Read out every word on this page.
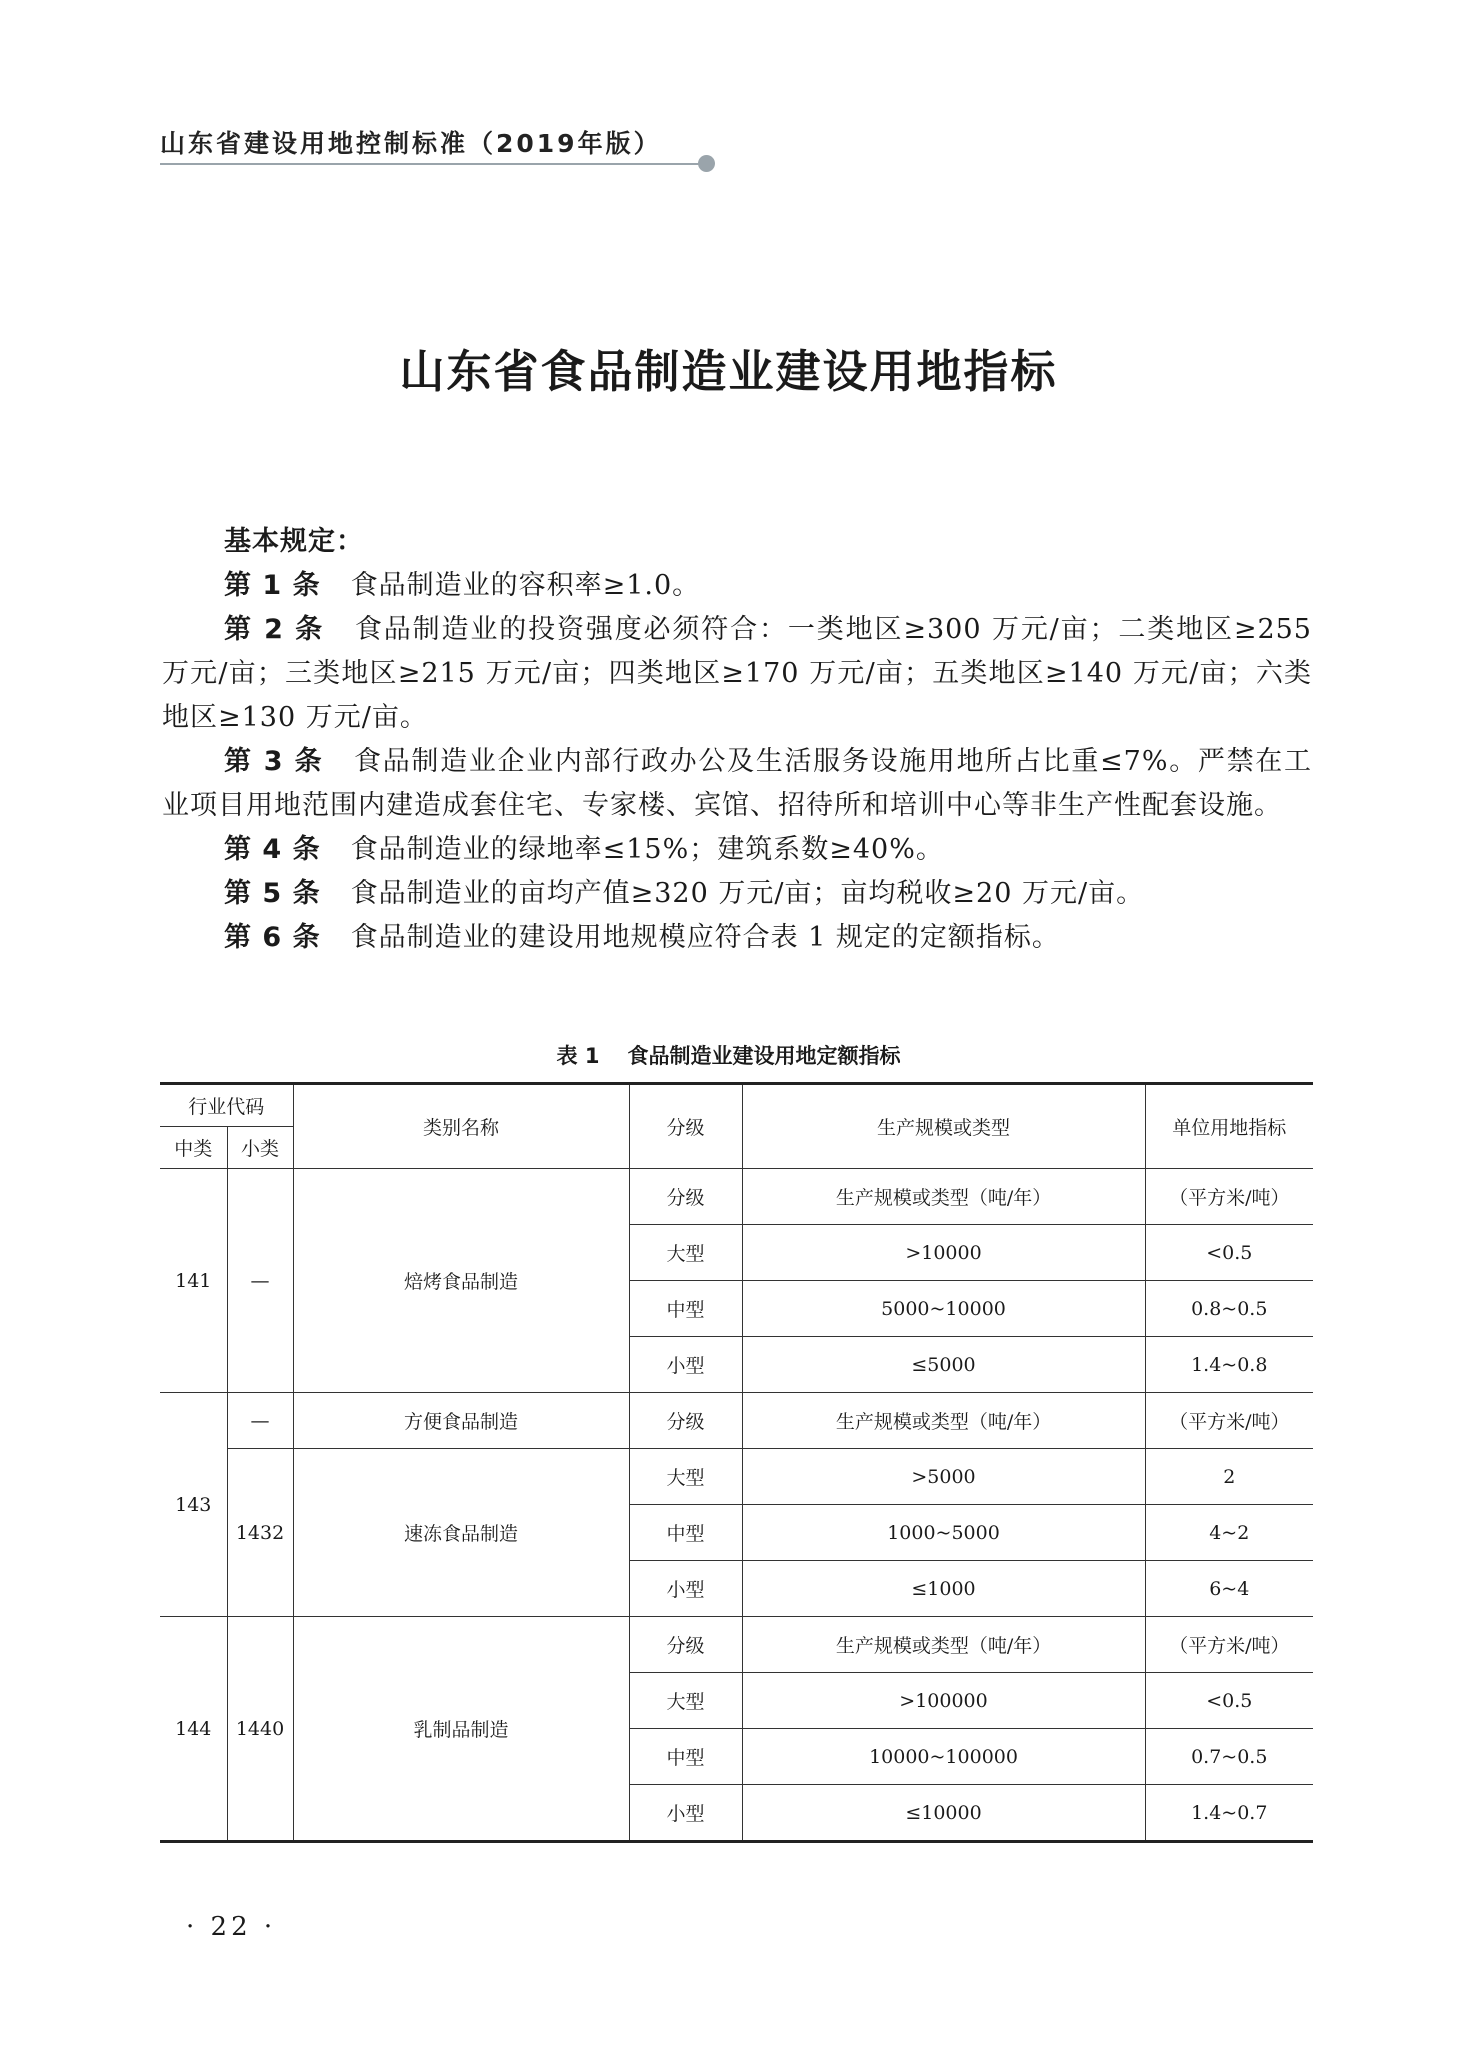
山东省建设用地控制标准（2019年版）
山东省食品制造业建设用地指标

基本规定：

第 1 条 食品制造业的容积率≥1.0。

第 2 条 食品制造业的投资强度必须符合：一类地区≥300 万元/亩；二类地区≥255 万元/亩；三类地区≥215 万元/亩；四类地区≥170 万元/亩；五类地区≥140 万元/亩；六类地区≥130 万元/亩。

第 3 条 食品制造业企业内部行政办公及生活服务设施用地所占比重≤7%。严禁在工业项目用地范围内建造成套住宅、专家楼、宾馆、招待所和培训中心等非生产性配套设施。

第 4 条 食品制造业的绿地率≤15%；建筑系数≥40%。

第 5 条 食品制造业的亩均产值≥320 万元/亩；亩均税收≥20 万元/亩。

第 6 条 食品制造业的建设用地规模应符合表 1 规定的定额指标。

表 1 食品制造业建设用地定额指标
行业代码		类别名称	分级	生产规模或类型	单位用地指标
中类	小类				
141	—	焙烤食品制造	分级	生产规模或类型（吨/年）	（平方米/吨）
			大型	>10000	<0.5
			中型	5000~10000	0.8~0.5
			小型	≤5000	1.4~0.8
143	—	方便食品制造	分级	生产规模或类型（吨/年）	（平方米/吨）
	1432	速冻食品制造	大型	>5000	2
			中型	1000~5000	4~2
			小型	≤1000	6~4
144	1440	乳制品制造	分级	生产规模或类型（吨/年）	（平方米/吨）
			大型	>100000	<0.5
			中型	10000~100000	0.7~0.5
			小型	≤10000	1.4~0.7
· 22 ·
